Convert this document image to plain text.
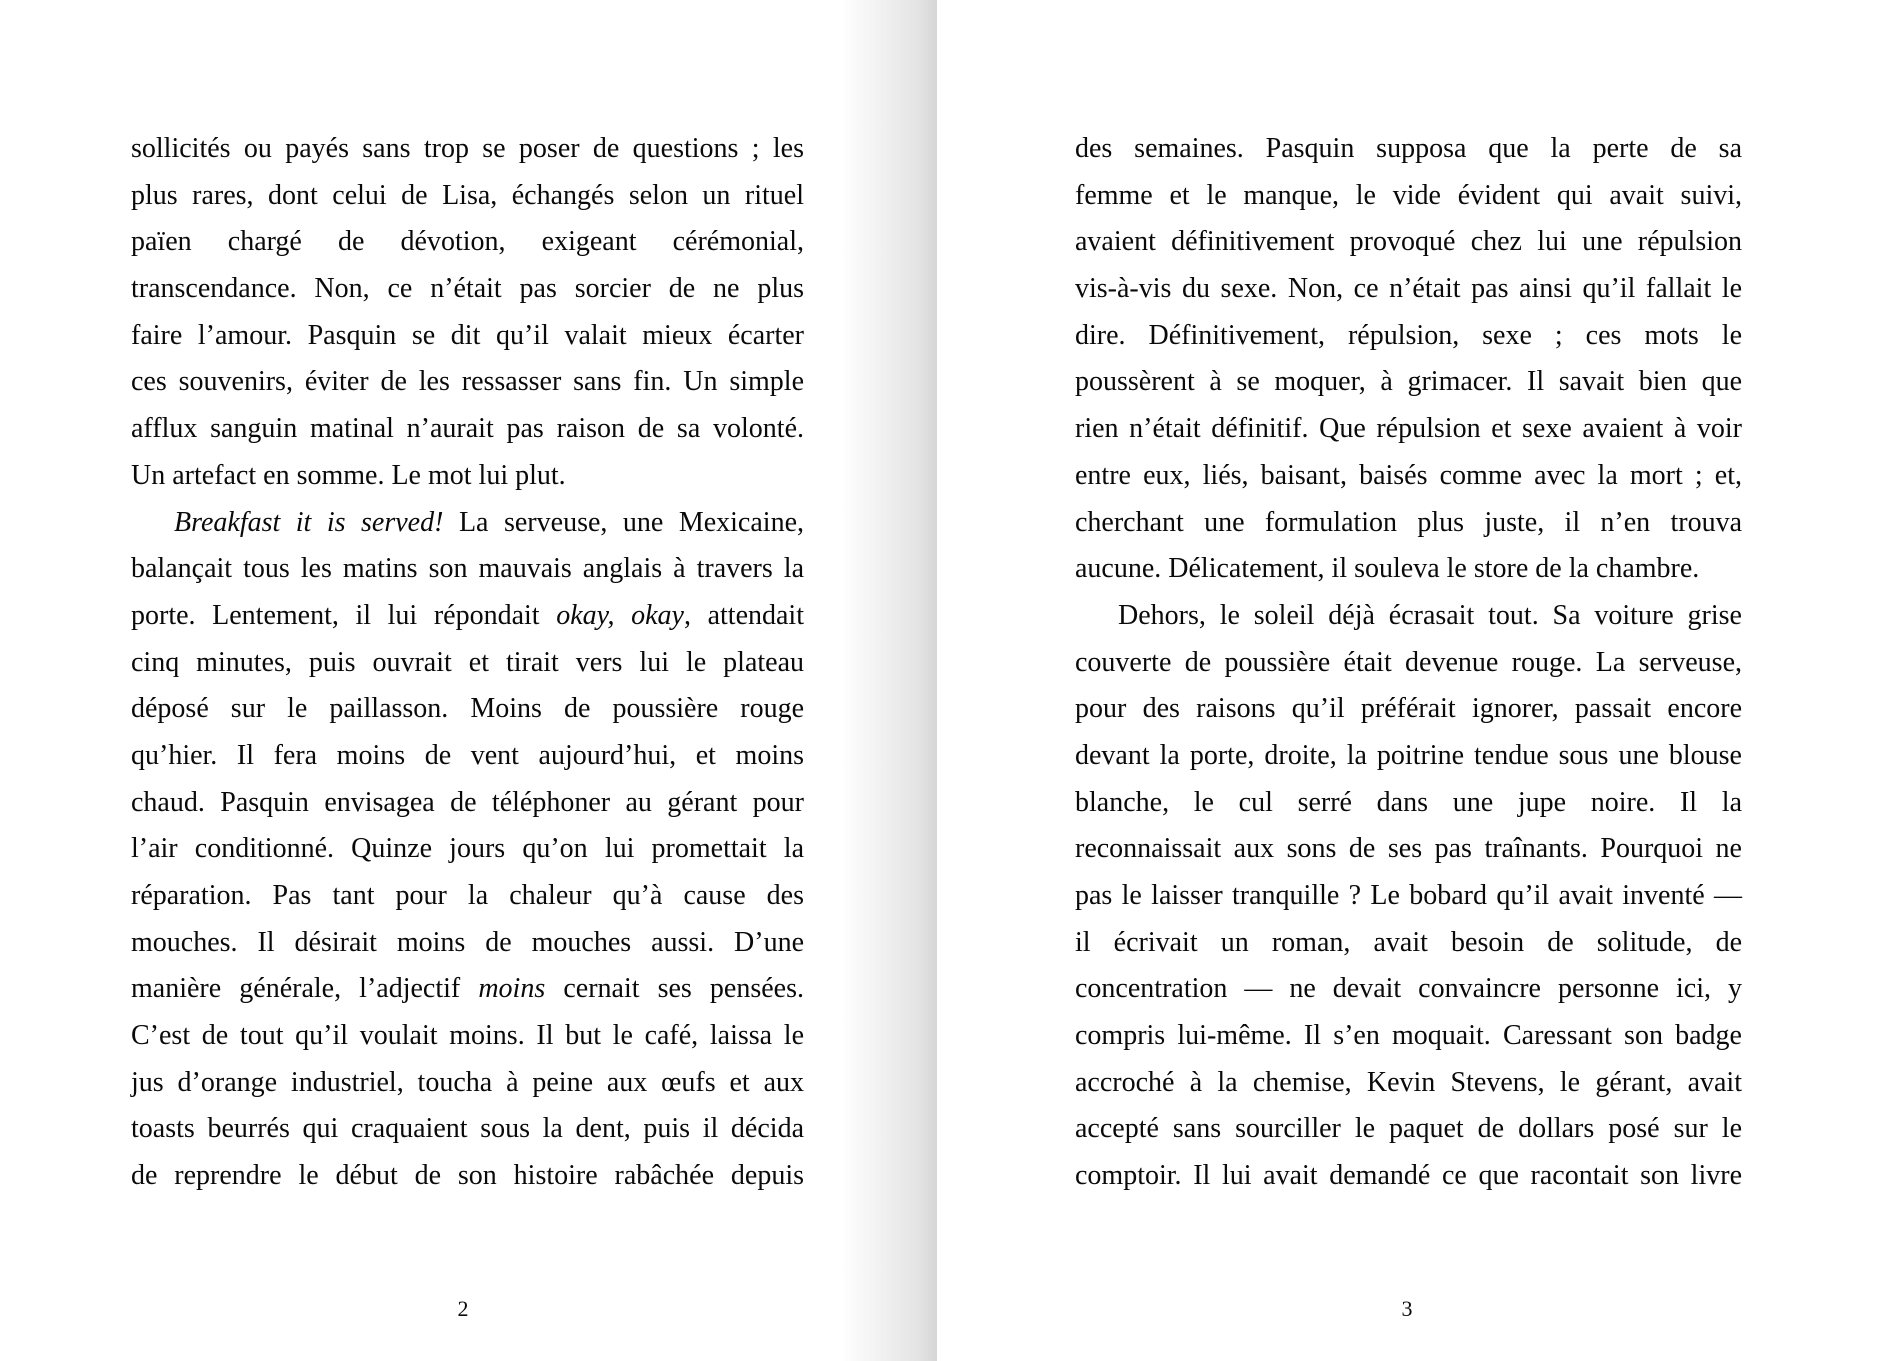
sollicités ou payés sans trop se poser de questions ; les
plus rares, dont celui de Lisa, échangés selon un rituel
païen chargé de dévotion, exigeant cérémonial,
transcendance. Non, ce n’était pas sorcier de ne plus
faire l’amour. Pasquin se dit qu’il valait mieux écarter
ces souvenirs, éviter de les ressasser sans fin. Un simple
afflux sanguin matinal n’aurait pas raison de sa volonté.
Un artefact en somme. Le mot lui plut.
Breakfast it is served! La serveuse, une Mexicaine,
balançait tous les matins son mauvais anglais à travers la
porte. Lentement, il lui répondait okay, okay, attendait
cinq minutes, puis ouvrait et tirait vers lui le plateau
déposé sur le paillasson. Moins de poussière rouge
qu’hier. Il fera moins de vent aujourd’hui, et moins
chaud. Pasquin envisagea de téléphoner au gérant pour
l’air conditionné. Quinze jours qu’on lui promettait la
réparation. Pas tant pour la chaleur qu’à cause des
mouches. Il désirait moins de mouches aussi. D’une
manière générale, l’adjectif moins cernait ses pensées.
C’est de tout qu’il voulait moins. Il but le café, laissa le
jus d’orange industriel, toucha à peine aux œufs et aux
toasts beurrés qui craquaient sous la dent, puis il décida
de reprendre le début de son histoire rabâchée depuis
2
des semaines. Pasquin supposa que la perte de sa
femme et le manque, le vide évident qui avait suivi,
avaient définitivement provoqué chez lui une répulsion
vis-à-vis du sexe. Non, ce n’était pas ainsi qu’il fallait le
dire. Définitivement, répulsion, sexe ; ces mots le
poussèrent à se moquer, à grimacer. Il savait bien que
rien n’était définitif. Que répulsion et sexe avaient à voir
entre eux, liés, baisant, baisés comme avec la mort ; et,
cherchant une formulation plus juste, il n’en trouva
aucune. Délicatement, il souleva le store de la chambre.
Dehors, le soleil déjà écrasait tout. Sa voiture grise
couverte de poussière était devenue rouge. La serveuse,
pour des raisons qu’il préférait ignorer, passait encore
devant la porte, droite, la poitrine tendue sous une blouse
blanche, le cul serré dans une jupe noire. Il la
reconnaissait aux sons de ses pas traînants. Pourquoi ne
pas le laisser tranquille ? Le bobard qu’il avait inventé —
il écrivait un roman, avait besoin de solitude, de
concentration — ne devait convaincre personne ici, y
compris lui-même. Il s’en moquait. Caressant son badge
accroché à la chemise, Kevin Stevens, le gérant, avait
accepté sans sourciller le paquet de dollars posé sur le
comptoir. Il lui avait demandé ce que racontait son livre
3
